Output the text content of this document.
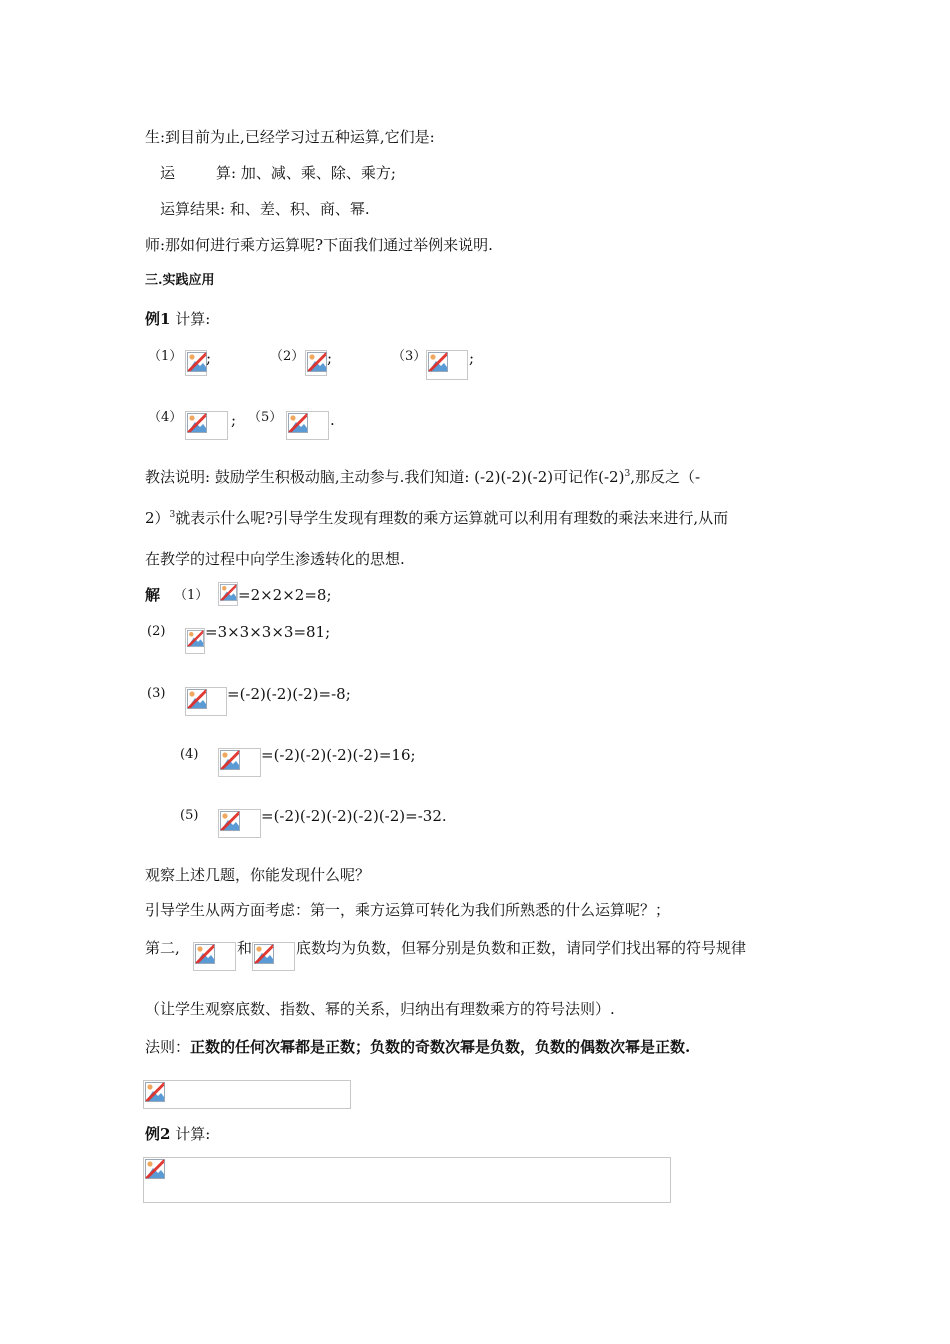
生:到目前为止,已经学习过五种运算,它们是:
运	算: 加、减、乘、除、乘方;
运算结果: 和、差、积、商、幂.
师:那如何进行乘方运算呢?下面我们通过举例来说明.
三.实践应用
例1 计算:
（1） ;	（2） ;	（3）	;
（4）	; （5）	.
教法说明: 鼓励学生积极动脑,主动参与.我们知道: (-2)(-2)(-2)可记作$(-2)^3$,那反之（-
2）$^3$就表示什么呢?引导学生发现有理数的乘方运算就可以利用有理数的乘法来进行,从而
在教学的过程中向学生渗透转化的思想.
解 （1） =2×2×2=8;
(2)	=3×3×3×3=81;
(3)	=(-2)(-2)(-2)=-8;
(4)	=(-2)(-2)(-2)(-2)=16;
(5)	=(-2)(-2)(-2)(-2)(-2)=-32.
观察上述几题，你能发现什么呢？
引导学生从两方面考虑：第一，乘方运算可转化为我们所熟悉的什么运算呢？；
第二,	和	底数均为负数，但幂分别是负数和正数，请同学们找出幂的符号规律
（让学生观察底数、指数、幂的关系，归纳出有理数乘方的符号法则）.
法则：正数的任何次幂都是正数；负数的奇数次幂是负数，负数的偶数次幂是正数.
例2 计算:
